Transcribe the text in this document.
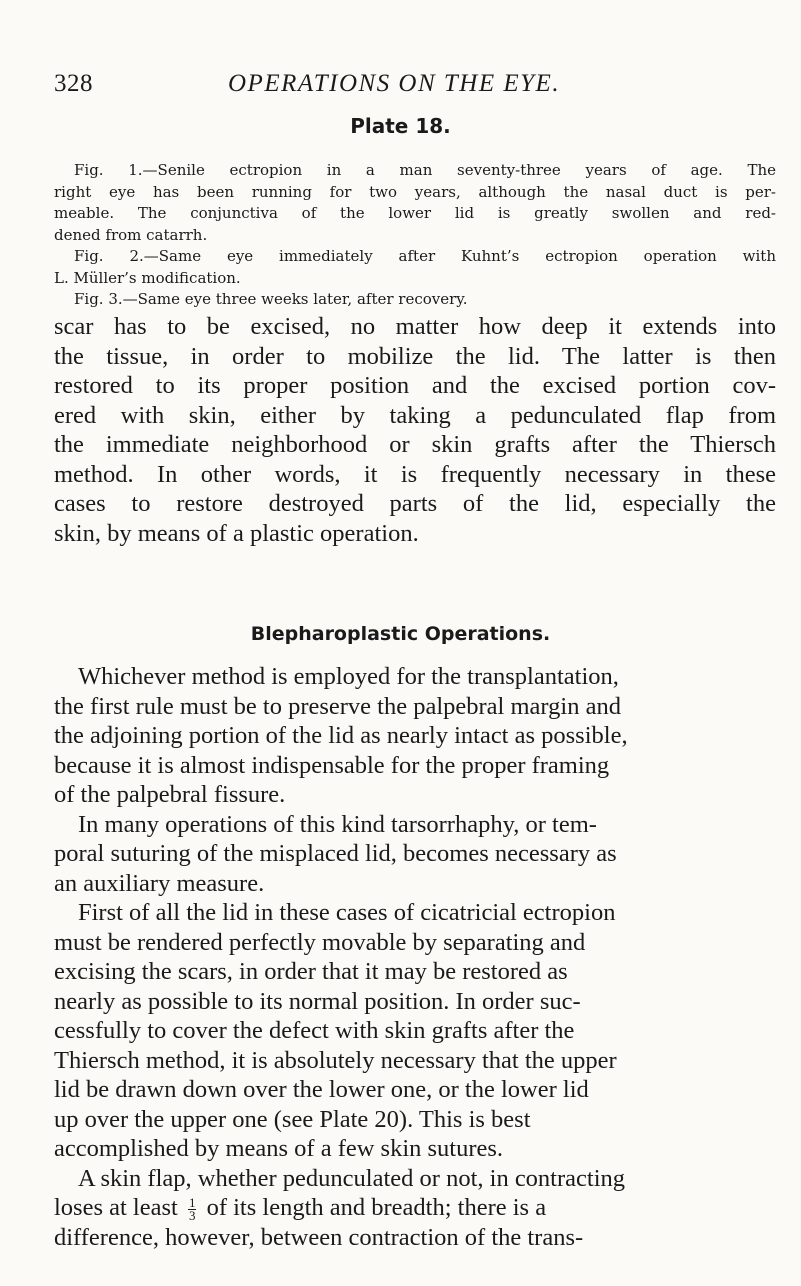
328	OPERATIONS ON THE EYE.
Plate 18.
Fig. 1.—Senile ectropion in a man seventy-three years of age. The
right eye has been running for two years, although the nasal duct is per-
meable. The conjunctiva of the lower lid is greatly swollen and red-
dened from catarrh.
Fig. 2.—Same eye immediately after Kuhnt’s ectropion operation with
L. Müller’s modification.
Fig. 3.—Same eye three weeks later, after recovery.
scar has to be excised, no matter how deep it extends into
the tissue, in order to mobilize the lid. The latter is then
restored to its proper position and the excised portion cov-
ered with skin, either by taking a pedunculated flap from
the immediate neighborhood or skin grafts after the Thiersch
method. In other words, it is frequently necessary in these
cases to restore destroyed parts of the lid, especially the
skin, by means of a plastic operation.
Blepharoplastic Operations.
Whichever method is employed for the transplantation,
the first rule must be to preserve the palpebral margin and
the adjoining portion of the lid as nearly intact as possible,
because it is almost indispensable for the proper framing
of the palpebral fissure.
In many operations of this kind tarsorrhaphy, or tem-
poral suturing of the misplaced lid, becomes necessary as
an auxiliary measure.
First of all the lid in these cases of cicatricial ectropion
must be rendered perfectly movable by separating and
excising the scars, in order that it may be restored as
nearly as possible to its normal position. In order suc-
cessfully to cover the defect with skin grafts after the
Thiersch method, it is absolutely necessary that the upper
lid be drawn down over the lower one, or the lower lid
up over the upper one (see Plate 20). This is best
accomplished by means of a few skin sutures.
A skin flap, whether pedunculated or not, in contracting
loses at least $\frac{1}{3}$ of its length and breadth; there is a
difference, however, between contraction of the trans-
